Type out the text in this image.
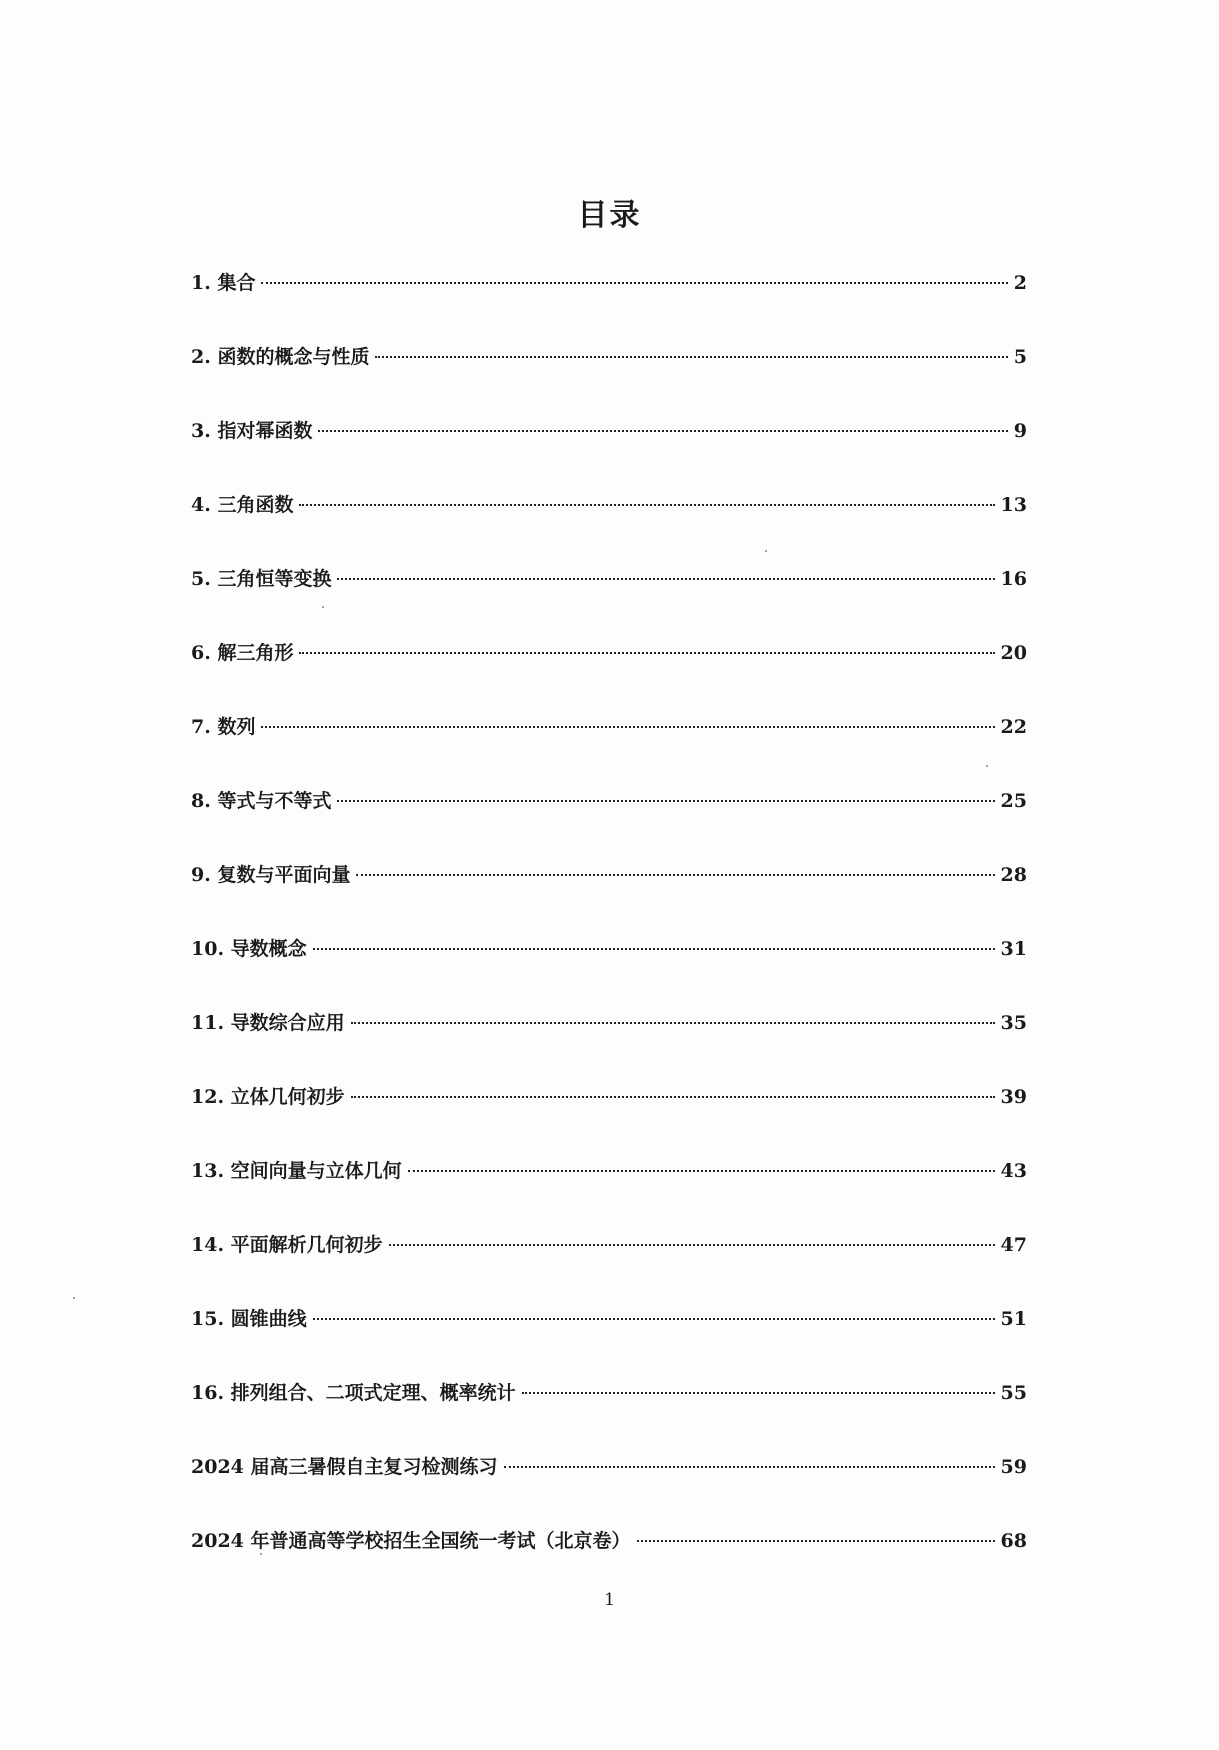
目录
1. 集合	2
2. 函数的概念与性质	5
3. 指对幂函数	9
4. 三角函数	13
5. 三角恒等变换	16
6. 解三角形	20
7. 数列	22
8. 等式与不等式	25
9. 复数与平面向量	28
10. 导数概念	31
11. 导数综合应用	35
12. 立体几何初步	39
13. 空间向量与立体几何	43
14. 平面解析几何初步	47
15. 圆锥曲线	51
16. 排列组合、二项式定理、概率统计	55
2024 届高三暑假自主复习检测练习	59
2024 年普通高等学校招生全国统一考试（北京卷）	68
1
